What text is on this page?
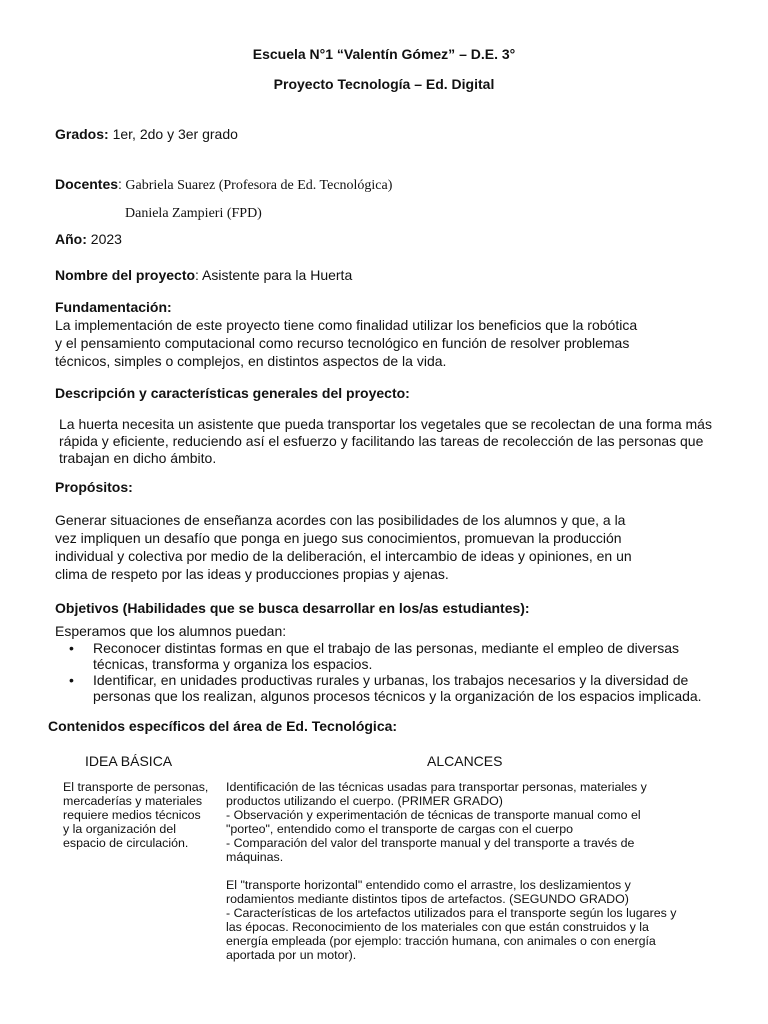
Escuela N°1 “Valentín Gómez” – D.E. 3°
Proyecto Tecnología – Ed. Digital
Grados: 1er, 2do y 3er grado
Docentes: Gabriela Suarez (Profesora de Ed. Tecnológica)
Daniela Zampieri (FPD)
Año: 2023
Nombre del proyecto: Asistente para la Huerta
Fundamentación:
La implementación de este proyecto tiene como finalidad utilizar los beneficios que la robótica
y el pensamiento computacional como recurso tecnológico en función de resolver problemas
técnicos, simples o complejos, en distintos aspectos de la vida.
Descripción y características generales del proyecto:
La huerta necesita un asistente que pueda transportar los vegetales que se recolectan de una forma más
rápida y eficiente, reduciendo así el esfuerzo y facilitando las tareas de recolección de las personas que
trabajan en dicho ámbito.
Propósitos:
Generar situaciones de enseñanza acordes con las posibilidades de los alumnos y que, a la
vez impliquen un desafío que ponga en juego sus conocimientos, promuevan la producción
individual y colectiva por medio de la deliberación, el intercambio de ideas y opiniones, en un
clima de respeto por las ideas y producciones propias y ajenas.
Objetivos (Habilidades que se busca desarrollar en los/as estudiantes):
Esperamos que los alumnos puedan:
• Reconocer distintas formas en que el trabajo de las personas, mediante el empleo de diversas
técnicas, transforma y organiza los espacios.
• Identificar, en unidades productivas rurales y urbanas, los trabajos necesarios y la diversidad de
personas que los realizan, algunos procesos técnicos y la organización de los espacios implicada.
Contenidos específicos del área de Ed. Tecnológica:
IDEA BÁSICA	ALCANCES
El transporte de personas,
mercaderías y materiales
requiere medios técnicos
y la organización del
espacio de circulación.
Identificación de las técnicas usadas para transportar personas, materiales y
productos utilizando el cuerpo. (PRIMER GRADO)
- Observación y experimentación de técnicas de transporte manual como el
"porteo", entendido como el transporte de cargas con el cuerpo
- Comparación del valor del transporte manual y del transporte a través de
máquinas.
El "transporte horizontal" entendido como el arrastre, los deslizamientos y
rodamientos mediante distintos tipos de artefactos. (SEGUNDO GRADO)
- Características de los artefactos utilizados para el transporte según los lugares y
las épocas. Reconocimiento de los materiales con que están construidos y la
energía empleada (por ejemplo: tracción humana, con animales o con energía
aportada por un motor).
